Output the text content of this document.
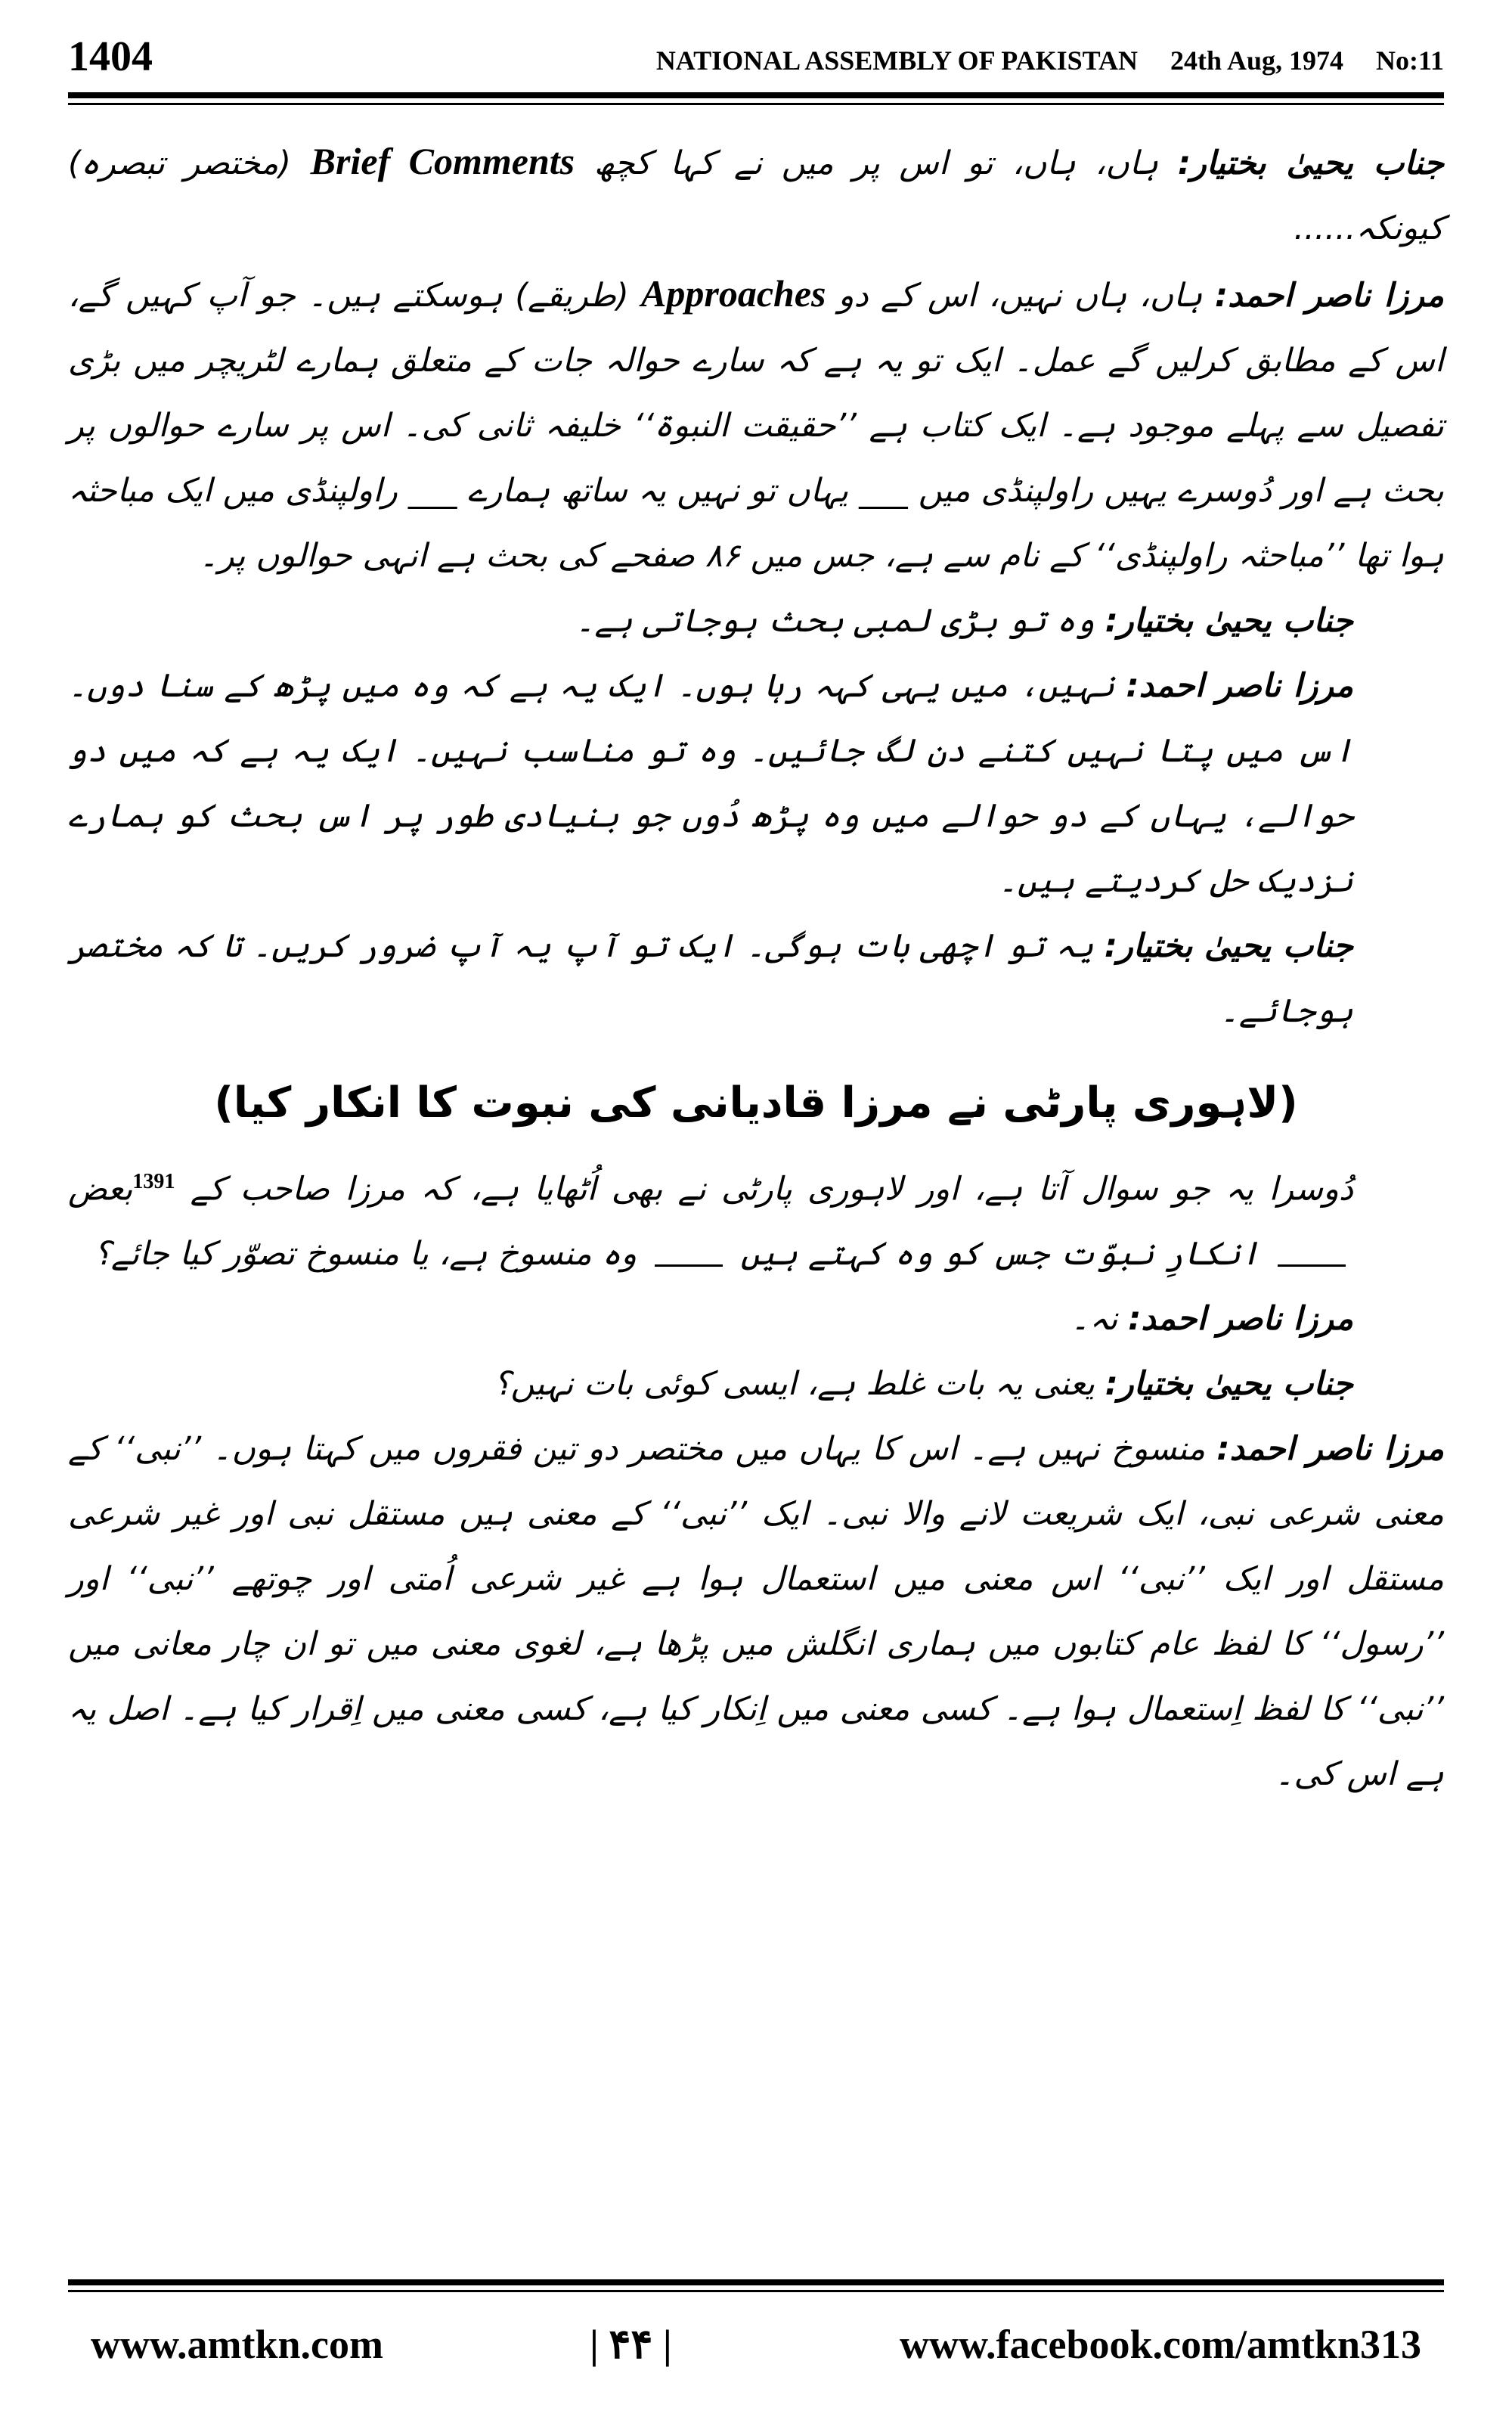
1404	NATIONAL ASSEMBLY OF PAKISTAN 24th Aug, 1974 No:11

جناب یحییٰ بختیار: ہاں، ہاں، تو اس پر میں نے کہا کچھ Brief Comments (مختصر تبصرہ) کیونکہ......

مرزا ناصر احمد: ہاں، ہاں نہیں، اس کے دو Approaches (طریقے) ہوسکتے ہیں۔ جو آپ کہیں گے، اس کے مطابق کرلیں گے عمل۔ ایک تو یہ ہے کہ سارے حوالہ جات کے متعلق ہمارے لٹریچر میں بڑی تفصیل سے پہلے موجود ہے۔ ایک کتاب ہے ’’حقیقت النبوۃ‘‘ خلیفہ ثانی کی۔ اس پر سارے حوالوں پر بحث ہے اور دُوسرے یہیں راولپنڈی میں ___ یہاں تو نہیں یہ ساتھ ہمارے ___ راولپنڈی میں ایک مباحثہ ہوا تھا ’’مباحثہ راولپنڈی‘‘ کے نام سے ہے، جس میں ۸۶ صفحے کی بحث ہے انہی حوالوں پر۔

جناب یحییٰ بختیار: وہ تو بڑی لمبی بحث ہوجاتی ہے۔

مرزا ناصر احمد: نہیں، میں یہی کہہ رہا ہوں۔ ایک یہ ہے کہ وہ میں پڑھ کے سنا دوں۔ اس میں پتا نہیں کتنے دن لگ جائیں۔ وہ تو مناسب نہیں۔ ایک یہ ہے کہ میں دو حوالے، یہاں کے دو حوالے میں وہ پڑھ دُوں جو بنیادی طور پر اس بحث کو ہمارے نزدیک حل کردیتے ہیں۔

جناب یحییٰ بختیار: یہ تو اچھی بات ہوگی۔ ایک تو آپ یہ آپ ضرور کریں۔ تا کہ مختصر ہوجائے۔

(لاہوری پارٹی نے مرزا قادیانی کی نبوت کا انکار کیا)

دُوسرا یہ جو سوال آتا ہے، اور لاہوری پارٹی نے بھی اُٹھایا ہے، کہ مرزا صاحب کے $^{1391}$بعض  انکارِ نبوّت جس کو وہ کہتے ہیں  وہ منسوخ ہے، یا منسوخ تصوّر کیا جائے؟

مرزا ناصر احمد: نہ۔

جناب یحییٰ بختیار: یعنی یہ بات غلط ہے، ایسی کوئی بات نہیں؟

مرزا ناصر احمد: منسوخ نہیں ہے۔ اس کا یہاں میں مختصر دو تین فقروں میں کہتا ہوں۔ ’’نبی‘‘ کے معنی شرعی نبی، ایک شریعت لانے والا نبی۔ ایک ’’نبی‘‘ کے معنی ہیں مستقل نبی اور غیر شرعی مستقل اور ایک ’’نبی‘‘ اس معنی میں استعمال ہوا ہے غیر شرعی اُمتی اور چوتھے ’’نبی‘‘ اور ’’رسول‘‘ کا لفظ عام کتابوں میں ہماری انگلش میں پڑھا ہے، لغوی معنی میں تو ان چار معانی میں ’’نبی‘‘ کا لفظ اِستعمال ہوا ہے۔ کسی معنی میں اِنکار کیا ہے، کسی معنی میں اِقرار کیا ہے۔ اصل یہ ہے اس کی۔

www.amtkn.com	| ۴۴ |	www.facebook.com/amtkn313
